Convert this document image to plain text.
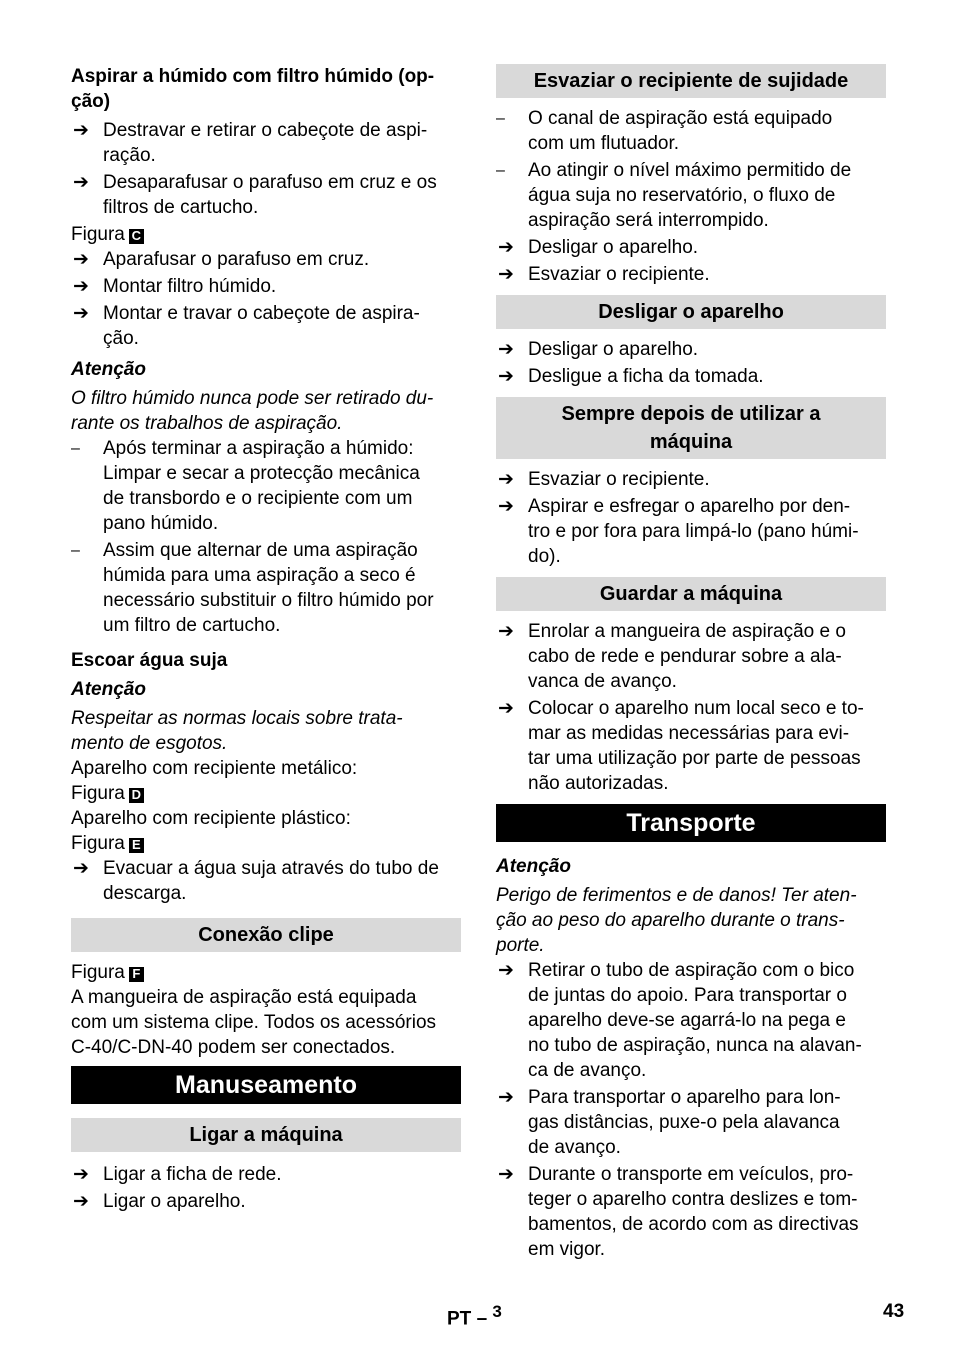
Aspirar a húmido com filtro húmido (op-
ção)

➔ Destravar e retirar o cabeçote de aspi-
ração.
➔ Desaparafusar o parafuso em cruz e os
filtros de cartucho.

Figura C

➔ Aparafusar o parafuso em cruz.
➔ Montar filtro húmido.
➔ Montar e travar o cabeçote de aspira-
ção.

Atenção

O filtro húmido nunca pode ser retirado du-
rante os trabalhos de aspiração.

–	Após terminar a aspiração a húmido:
Limpar e secar a protecção mecânica
de transbordo e o recipiente com um
pano húmido.
–	Assim que alternar de uma aspiração
húmida para uma aspiração a seco é
necessário substituir o filtro húmido por
um filtro de cartucho.

Escoar água suja

Atenção

Respeitar as normas locais sobre trata-
mento de esgotos.

Aparelho com recipiente metálico:

Figura D

Aparelho com recipiente plástico:

Figura E

➔ Evacuar a água suja através do tubo de
descarga.
Conexão clipe

Figura F

A mangueira de aspiração está equipada
com um sistema clipe. Todos os acessórios
C-40/C-DN-40 podem ser conectados.

Manuseamento
Ligar a máquina
➔ Ligar a ficha de rede.
➔ Ligar o aparelho.
Esvaziar o recipiente de sujidade
–	O canal de aspiração está equipado
com um flutuador.
–	Ao atingir o nível máximo permitido de
água suja no reservatório, o fluxo de
aspiração será interrompido.
➔ Desligar o aparelho.
➔ Esvaziar o recipiente.
Desligar o aparelho
➔ Desligar o aparelho.
➔ Desligue a ficha da tomada.
Sempre depois de utilizar a
máquina
➔ Esvaziar o recipiente.
➔ Aspirar e esfregar o aparelho por den-
tro e por fora para limpá-lo (pano húmi-
do).
Guardar a máquina
➔ Enrolar a mangueira de aspiração e o
cabo de rede e pendurar sobre a ala-
vanca de avanço.
➔ Colocar o aparelho num local seco e to-
mar as medidas necessárias para evi-
tar uma utilização por parte de pessoas
não autorizadas.
Transporte

Atenção

Perigo de ferimentos e de danos! Ter aten-
ção ao peso do aparelho durante o trans-
porte.

➔ Retirar o tubo de aspiração com o bico
de juntas do apoio. Para transportar o
aparelho deve-se agarrá-lo na pega e
no tubo de aspiração, nunca na alavan-
ca de avanço.
➔ Para transportar o aparelho para lon-
gas distâncias, puxe-o pela alavanca
de avanço.
➔ Durante o transporte em veículos, pro-
teger o aparelho contra deslizes e tom-
bamentos, de acordo com as directivas
em vigor.
PT – $^3$	43
